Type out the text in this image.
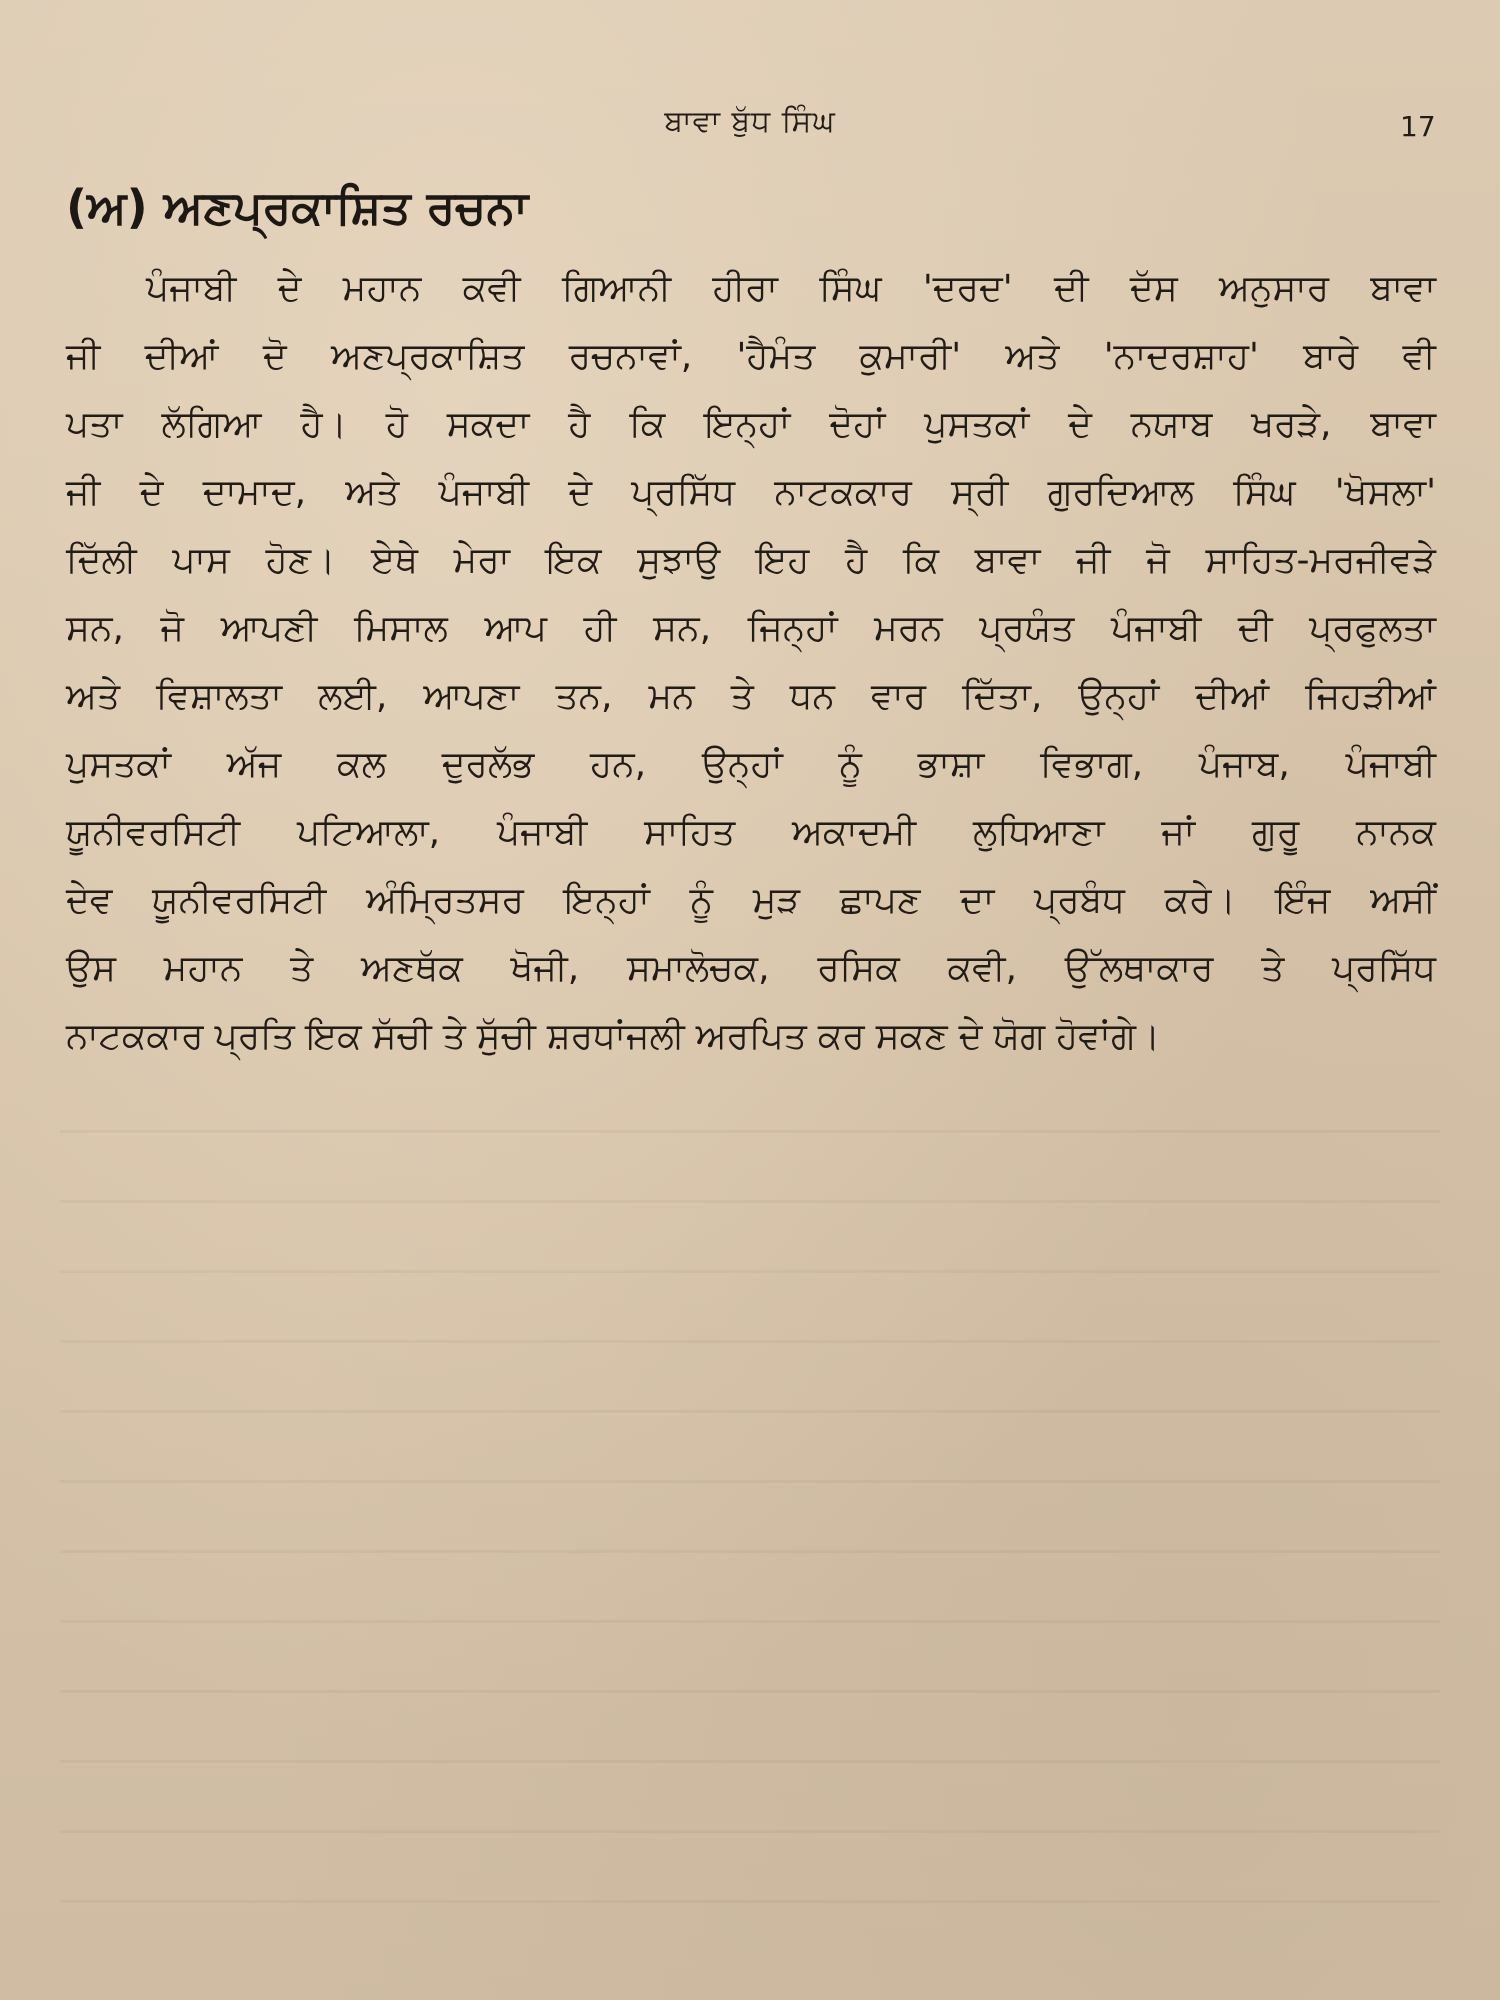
ਬਾਵਾ ਬੁੱਧ ਸਿੰਘ	17
(ਅ) ਅਣਪ੍ਰਕਾਸ਼ਿਤ ਰਚਨਾ
ਪੰਜਾਬੀ ਦੇ ਮਹਾਨ ਕਵੀ ਗਿਆਨੀ ਹੀਰਾ ਸਿੰਘ 'ਦਰਦ' ਦੀ ਦੱਸ ਅਨੁਸਾਰ ਬਾਵਾ
ਜੀ ਦੀਆਂ ਦੋ ਅਣਪ੍ਰਕਾਸ਼ਿਤ ਰਚਨਾਵਾਂ, 'ਹੈਮੰਤ ਕੁਮਾਰੀ' ਅਤੇ 'ਨਾਦਰਸ਼ਾਹ' ਬਾਰੇ ਵੀ
ਪਤਾ ਲੱਗਿਆ ਹੈ। ਹੋ ਸਕਦਾ ਹੈ ਕਿ ਇਨ੍ਹਾਂ ਦੋਹਾਂ ਪੁਸਤਕਾਂ ਦੇ ਨਯਾਬ ਖਰੜੇ, ਬਾਵਾ
ਜੀ ਦੇ ਦਾਮਾਦ, ਅਤੇ ਪੰਜਾਬੀ ਦੇ ਪ੍ਰਸਿੱਧ ਨਾਟਕਕਾਰ ਸ੍ਰੀ ਗੁਰਦਿਆਲ ਸਿੰਘ 'ਖੋਸਲਾ'
ਦਿੱਲੀ ਪਾਸ ਹੋਣ। ਏਥੇ ਮੇਰਾ ਇਕ ਸੁਝਾਉ ਇਹ ਹੈ ਕਿ ਬਾਵਾ ਜੀ ਜੋ ਸਾਹਿਤ-ਮਰਜੀਵੜੇ
ਸਨ, ਜੋ ਆਪਣੀ ਮਿਸਾਲ ਆਪ ਹੀ ਸਨ, ਜਿਨ੍ਹਾਂ ਮਰਨ ਪ੍ਰਯੰਤ ਪੰਜਾਬੀ ਦੀ ਪ੍ਰਫੁਲਤਾ
ਅਤੇ ਵਿਸ਼ਾਲਤਾ ਲਈ, ਆਪਣਾ ਤਨ, ਮਨ ਤੇ ਧਨ ਵਾਰ ਦਿੱਤਾ, ਉਨ੍ਹਾਂ ਦੀਆਂ ਜਿਹੜੀਆਂ
ਪੁਸਤਕਾਂ ਅੱਜ ਕਲ ਦੁਰਲੱਭ ਹਨ, ਉਨ੍ਹਾਂ ਨੂੰ ਭਾਸ਼ਾ ਵਿਭਾਗ, ਪੰਜਾਬ, ਪੰਜਾਬੀ
ਯੂਨੀਵਰਸਿਟੀ ਪਟਿਆਲਾ, ਪੰਜਾਬੀ ਸਾਹਿਤ ਅਕਾਦਮੀ ਲੁਧਿਆਣਾ ਜਾਂ ਗੁਰੂ ਨਾਨਕ
ਦੇਵ ਯੂਨੀਵਰਸਿਟੀ ਅੰਮ੍ਰਿਤਸਰ ਇਨ੍ਹਾਂ ਨੂੰ ਮੁੜ ਛਾਪਣ ਦਾ ਪ੍ਰਬੰਧ ਕਰੇ। ਇੰਜ ਅਸੀਂ
ਉਸ ਮਹਾਨ ਤੇ ਅਣਥੱਕ ਖੋਜੀ, ਸਮਾਲੋਚਕ, ਰਸਿਕ ਕਵੀ, ਉੱਲਥਾਕਾਰ ਤੇ ਪ੍ਰਸਿੱਧ
ਨਾਟਕਕਾਰ ਪ੍ਰਤਿ ਇਕ ਸੱਚੀ ਤੇ ਸੁੱਚੀ ਸ਼ਰਧਾਂਜਲੀ ਅਰਪਿਤ ਕਰ ਸਕਣ ਦੇ ਯੋਗ ਹੋਵਾਂਗੇ।
